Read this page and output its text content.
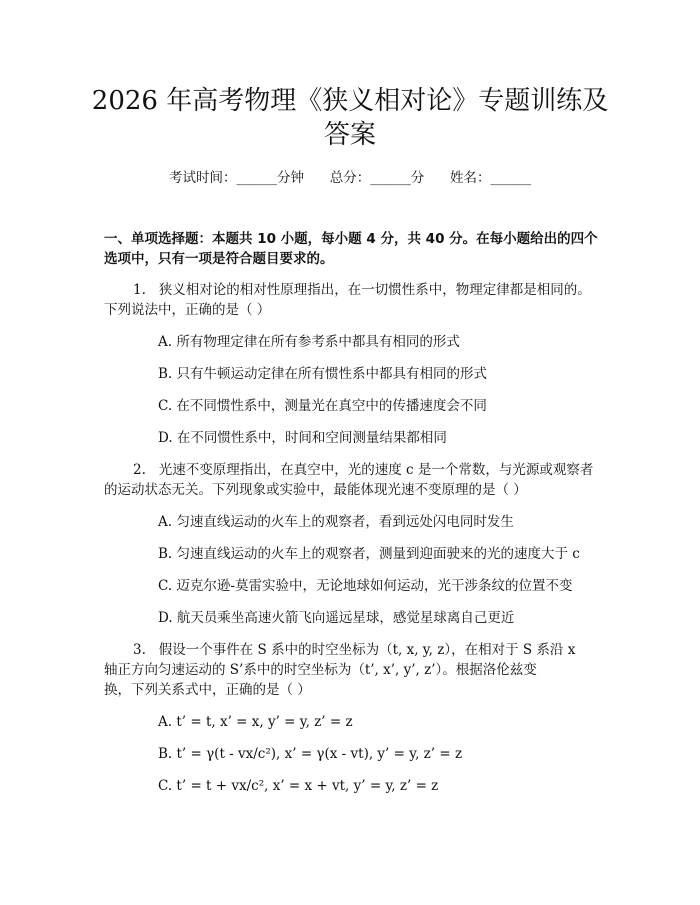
2026 年高考物理《狭义相对论》专题训练及
答案
考试时间：______分钟      总分：______分      姓名：______
一、单项选择题：本题共 10 小题，每小题 4 分，共 40 分。在每小题给出的四个
选项中，只有一项是符合题目要求的。
1.   狭义相对论的相对性原理指出，在一切惯性系中，物理定律都是相同的。
下列说法中，正确的是（ ）
A. 所有物理定律在所有参考系中都具有相同的形式
B. 只有牛顿运动定律在所有惯性系中都具有相同的形式
C. 在不同惯性系中，测量光在真空中的传播速度会不同
D. 在不同惯性系中，时间和空间测量结果都相同
2.   光速不变原理指出，在真空中，光的速度 c 是一个常数，与光源或观察者
的运动状态无关。下列现象或实验中，最能体现光速不变原理的是（ ）
A. 匀速直线运动的火车上的观察者，看到远处闪电同时发生
B. 匀速直线运动的火车上的观察者，测量到迎面驶来的光的速度大于 c
C. 迈克尔逊-莫雷实验中，无论地球如何运动，光干涉条纹的位置不变
D. 航天员乘坐高速火箭飞向遥远星球，感觉星球离自己更近
3.   假设一个事件在 S 系中的时空坐标为（t, x, y, z），在相对于 S 系沿 x
轴正方向匀速运动的 S’系中的时空坐标为（t’, x’, y’, z’）。根据洛伦兹变
换，下列关系式中，正确的是（ ）
A. t’ = t, x’ = x, y’ = y, z’ = z
B. t’ = γ(t - vx/c²), x’ = γ(x - vt), y’ = y, z’ = z
C. t’ = t + vx/c², x’ = x + vt, y’ = y, z’ = z
